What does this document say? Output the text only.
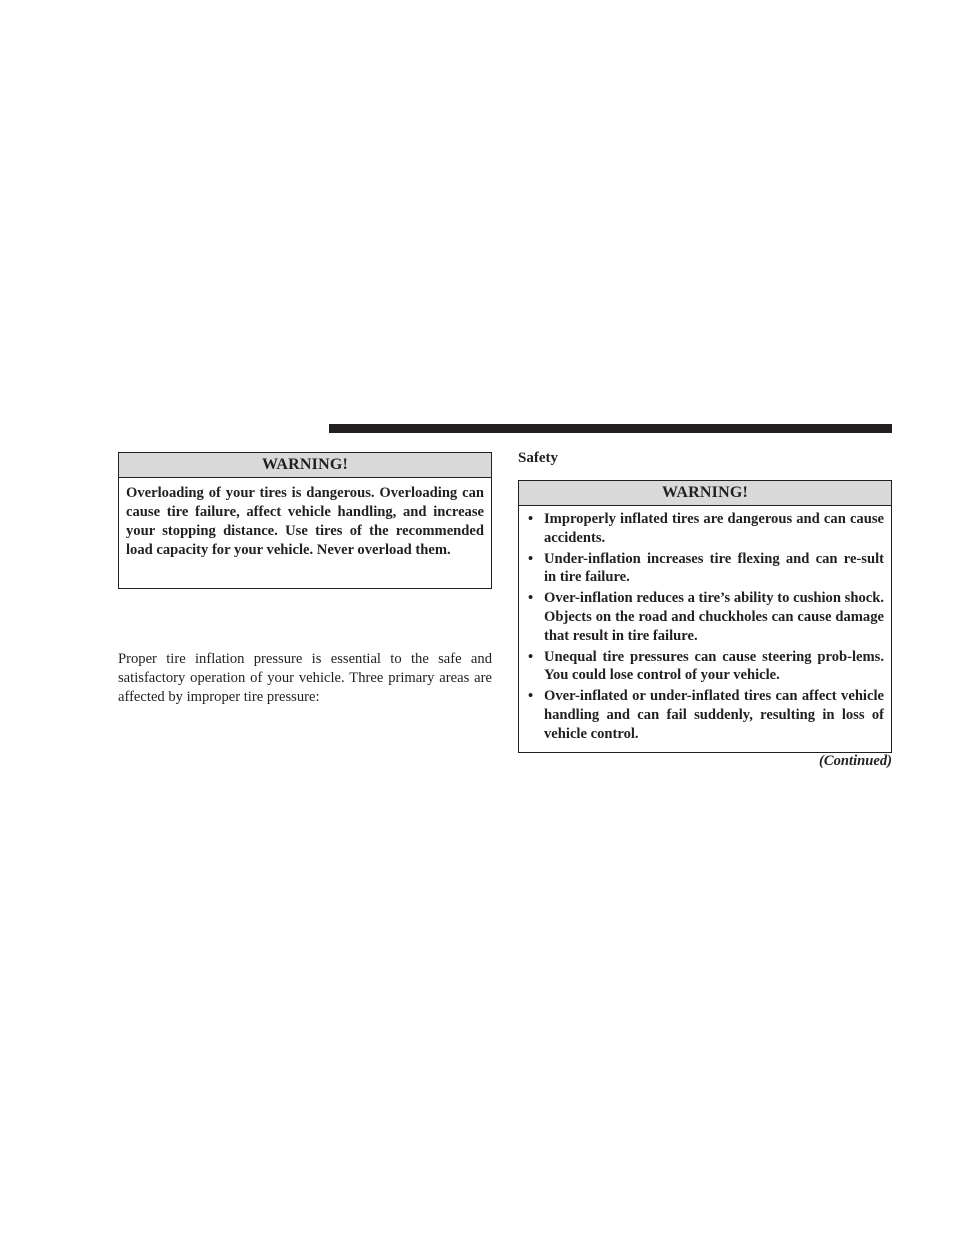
WARNING!
Overloading of your tires is dangerous. Overloading can cause tire failure, affect vehicle handling, and increase your stopping distance. Use tires of the recommended load capacity for your vehicle. Never overload them.

Proper tire inflation pressure is essential to the safe and satisfactory operation of your vehicle. Three primary areas are affected by improper tire pressure:

Safety

WARNING!
• Improperly inflated tires are dangerous and can cause accidents.
• Under-inflation increases tire flexing and can re-sult in tire failure.
• Over-inflation reduces a tire’s ability to cushion shock. Objects on the road and chuckholes can cause damage that result in tire failure.
• Unequal tire pressures can cause steering prob-lems. You could lose control of your vehicle.
• Over-inflated or under-inflated tires can affect vehicle handling and can fail suddenly, resulting in loss of vehicle control.
(Continued)
